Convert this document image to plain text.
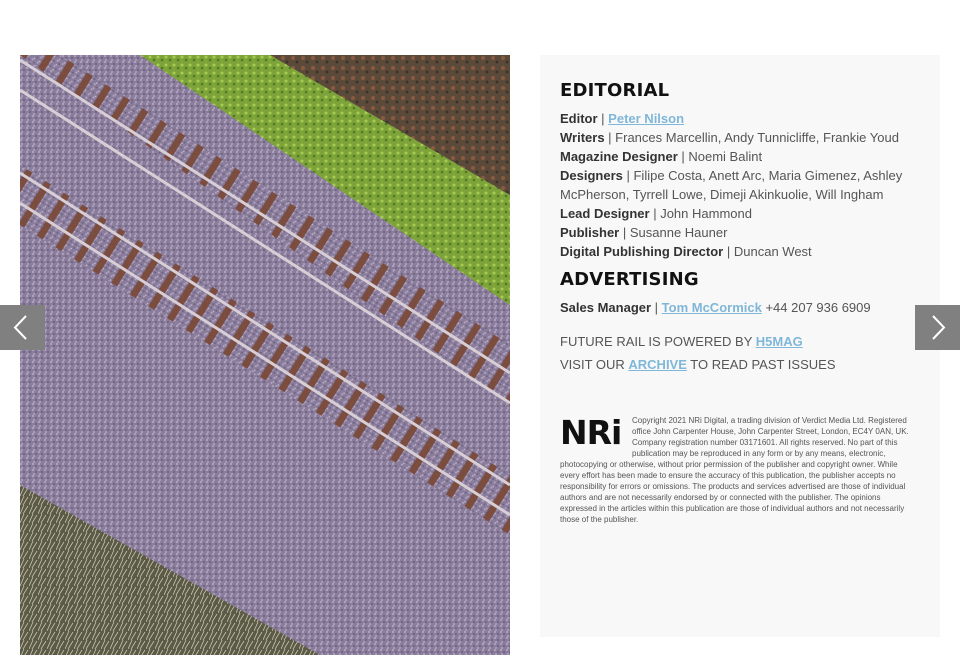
EDITORIAL

Editor | Peter Nilson

Writers | Frances Marcellin, Andy Tunnicliffe, Frankie Youd

Magazine Designer | Noemi Balint

Designers | Filipe Costa, Anett Arc, Maria Gimenez, Ashley McPherson, Tyrrell Lowe, Dimeji Akinkuolie, Will Ingham

Lead Designer | John Hammond

Publisher | Susanne Hauner

Digital Publishing Director | Duncan West

ADVERTISING

Sales Manager | Tom McCormick +44 207 936 6909

FUTURE RAIL IS POWERED BY H5MAG

VISIT OUR ARCHIVE TO READ PAST ISSUES

NRi	Copyright 2021 NRi Digital, a trading division of Verdict Media Ltd. Registered office John Carpenter House, John Carpenter Street, London, EC4Y 0AN, UK. Company registration number 03171601. All rights reserved. No part of this publication may be reproduced in any form or by any means, electronic, photocopying or otherwise, without prior permission of the publisher and copyright owner. While every effort has been made to ensure the accuracy of this publication, the publisher accepts no responsibility for errors or omissions. The products and services advertised are those of individual authors and are not necessarily endorsed by or connected with the publisher. The opinions expressed in the articles within this publication are those of individual authors and not necessarily those of the publisher.
